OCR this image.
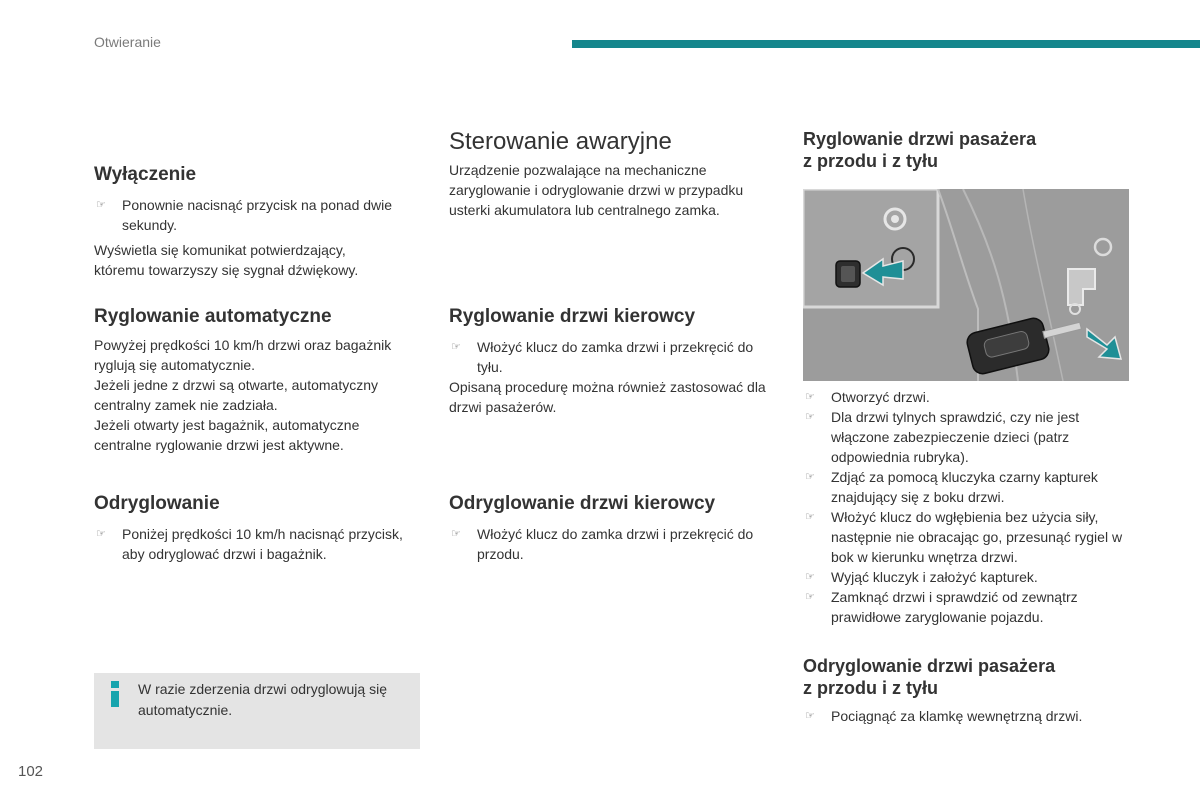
Otwieranie
Wyłączenie
☞ Ponownie nacisnąć przycisk na ponad dwie sekundy.

Wyświetla się komunikat potwierdzający, któremu towarzyszy się sygnał dźwiękowy.

Ryglowanie automatyczne

Powyżej prędkości 10 km/h drzwi oraz bagażnik ryglują się automatycznie.

Jeżeli jedne z drzwi są otwarte, automatyczny centralny zamek nie zadziała.

Jeżeli otwarty jest bagażnik, automatyczne centralne ryglowanie drzwi jest aktywne.

Odryglowanie
☞ Poniżej prędkości 10 km/h nacisnąć przycisk, aby odryglować drzwi i bagażnik.
W razie zderzenia drzwi odryglowują się automatycznie.
Sterowanie awaryjne

Urządzenie pozwalające na mechaniczne zaryglowanie i odryglowanie drzwi w przypadku usterki akumulatora lub centralnego zamka.

Ryglowanie drzwi kierowcy
☞ Włożyć klucz do zamka drzwi i przekręcić do tyłu.

Opisaną procedurę można również zastosować dla drzwi pasażerów.

Odryglowanie drzwi kierowcy
☞ Włożyć klucz do zamka drzwi i przekręcić do przodu.
Ryglowanie drzwi pasażera
z przodu i z tyłu
☞ Otworzyć drzwi.
☞ Dla drzwi tylnych sprawdzić, czy nie jest włączone zabezpieczenie dzieci (patrz odpowiednia rubryka).
☞ Zdjąć za pomocą kluczyka czarny kapturek znajdujący się z boku drzwi.
☞ Włożyć klucz do wgłębienia bez użycia siły, następnie nie obracając go, przesunąć rygiel w bok w kierunku wnętrza drzwi.
☞ Wyjąć kluczyk i założyć kapturek.
☞ Zamknąć drzwi i sprawdzić od zewnątrz prawidłowe zaryglowanie pojazdu.
Odryglowanie drzwi pasażera
z przodu i z tyłu
☞ Pociągnąć za klamkę wewnętrzną drzwi.
102
